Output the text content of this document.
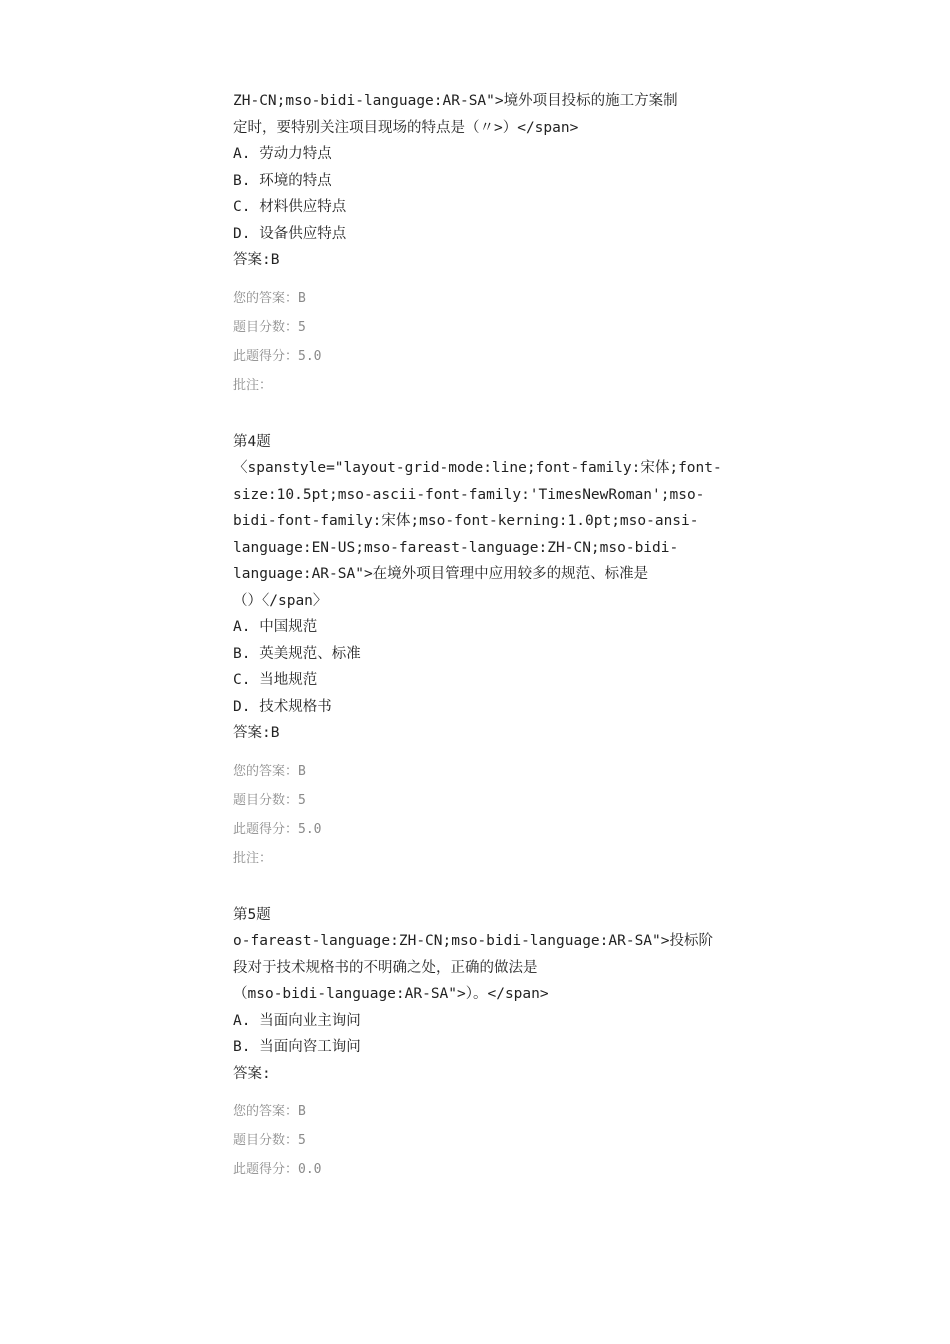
ZH-CN;mso-bidi-language:AR-SA">境外项目投标的施工方案制
定时，要特别关注项目现场的特点是（〃>）</span>
A. 劳动力特点
B. 环境的特点
C. 材料供应特点
D. 设备供应特点
答案:B
您的答案：B
题目分数：5
此题得分：5.0
批注：
第4题
〈spanstyle="layout-grid-mode:line;font-family:宋体;font-
size:10.5pt;mso-ascii-font-family:'TimesNewRoman';mso-
bidi-font-family:宋体;mso-font-kerning:1.0pt;mso-ansi-
language:EN-US;mso-fareast-language:ZH-CN;mso-bidi-
language:AR-SA">在境外项目管理中应用较多的规范、标准是
（）〈/span〉
A. 中国规范
B. 英美规范、标准
C. 当地规范
D. 技术规格书
答案:B
您的答案：B
题目分数：5
此题得分：5.0
批注：
第5题
o-fareast-language:ZH-CN;mso-bidi-language:AR-SA">投标阶
段对于技术规格书的不明确之处，正确的做法是
（mso-bidi-language:AR-SA">）。</span>
A. 当面向业主询问
B. 当面向咨工询问
答案:
您的答案：B
题目分数：5
此题得分：0.0
